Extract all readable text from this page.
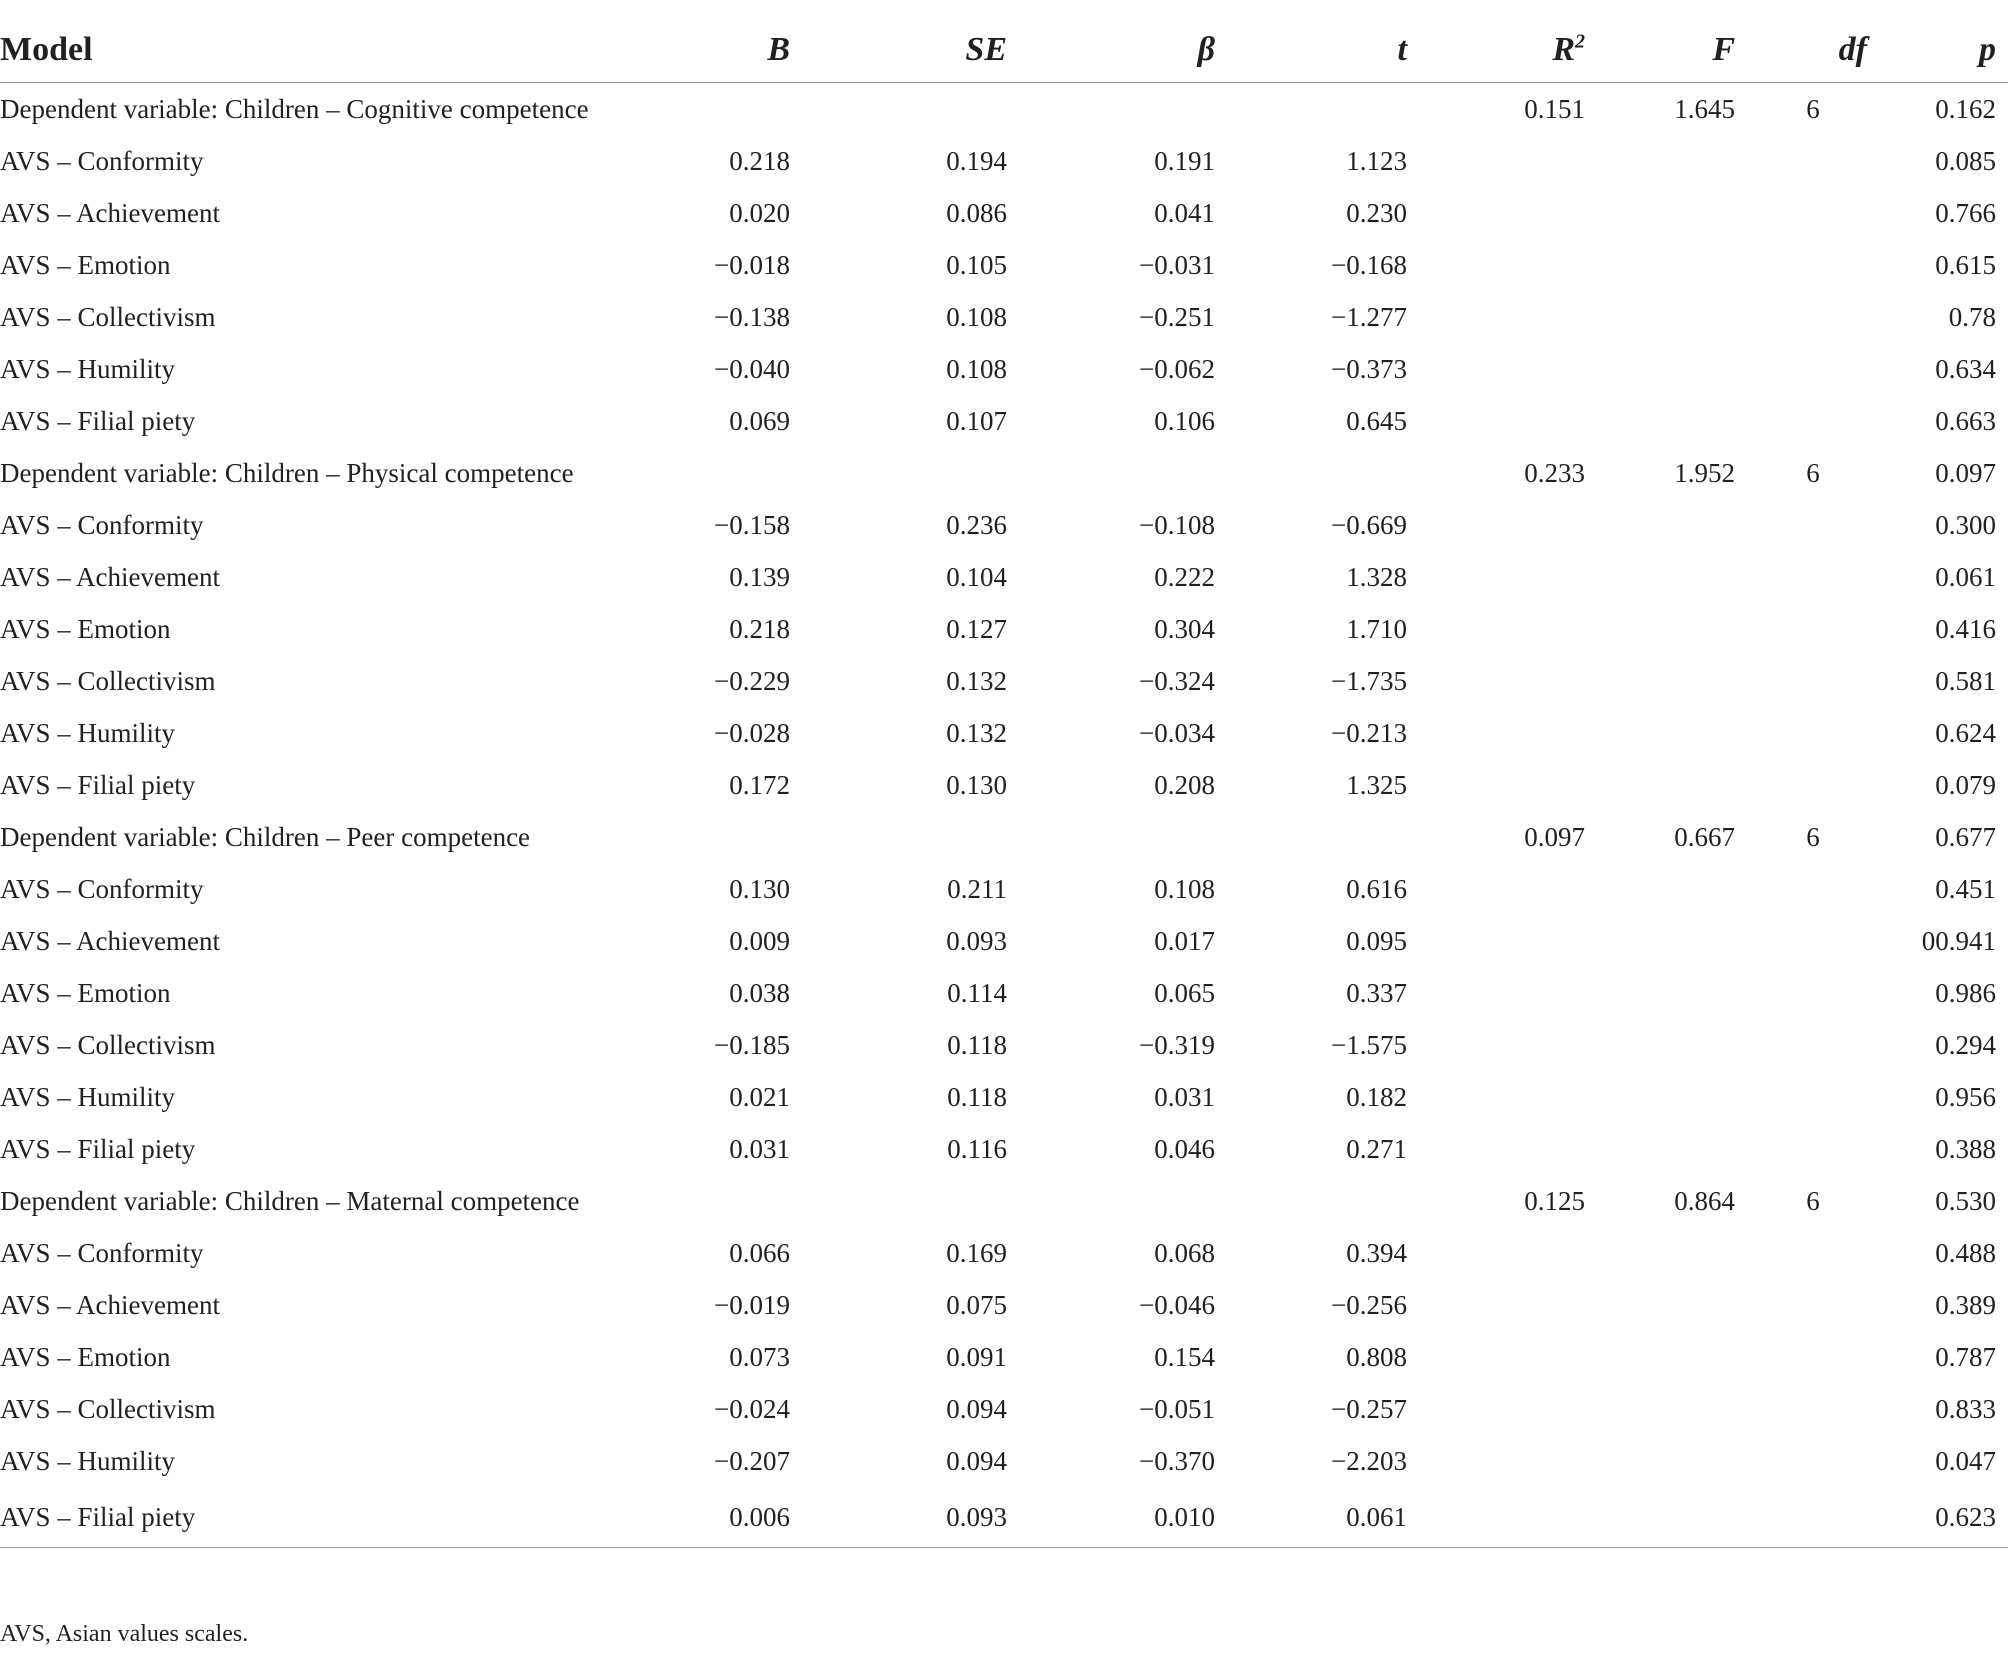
Model	B	SE	β	t	$R^2$	F	df	p
Dependent variable: Children – Cognitive competence					0.151	1.645	6	0.162
AVS – Conformity	0.218	0.194	0.191	1.123				0.085
AVS – Achievement	0.020	0.086	0.041	0.230				0.766
AVS – Emotion	−0.018	0.105	−0.031	−0.168				0.615
AVS – Collectivism	−0.138	0.108	−0.251	−1.277				0.78
AVS – Humility	−0.040	0.108	−0.062	−0.373				0.634
AVS – Filial piety	0.069	0.107	0.106	0.645				0.663
Dependent variable: Children – Physical competence					0.233	1.952	6	0.097
AVS – Conformity	−0.158	0.236	−0.108	−0.669				0.300
AVS – Achievement	0.139	0.104	0.222	1.328				0.061
AVS – Emotion	0.218	0.127	0.304	1.710				0.416
AVS – Collectivism	−0.229	0.132	−0.324	−1.735				0.581
AVS – Humility	−0.028	0.132	−0.034	−0.213				0.624
AVS – Filial piety	0.172	0.130	0.208	1.325				0.079
Dependent variable: Children – Peer competence					0.097	0.667	6	0.677
AVS – Conformity	0.130	0.211	0.108	0.616				0.451
AVS – Achievement	0.009	0.093	0.017	0.095				00.941
AVS – Emotion	0.038	0.114	0.065	0.337				0.986
AVS – Collectivism	−0.185	0.118	−0.319	−1.575				0.294
AVS – Humility	0.021	0.118	0.031	0.182				0.956
AVS – Filial piety	0.031	0.116	0.046	0.271				0.388
Dependent variable: Children – Maternal competence					0.125	0.864	6	0.530
AVS – Conformity	0.066	0.169	0.068	0.394				0.488
AVS – Achievement	−0.019	0.075	−0.046	−0.256				0.389
AVS – Emotion	0.073	0.091	0.154	0.808				0.787
AVS – Collectivism	−0.024	0.094	−0.051	−0.257				0.833
AVS – Humility	−0.207	0.094	−0.370	−2.203				0.047
AVS – Filial piety	0.006	0.093	0.010	0.061				0.623
AVS, Asian values scales.
